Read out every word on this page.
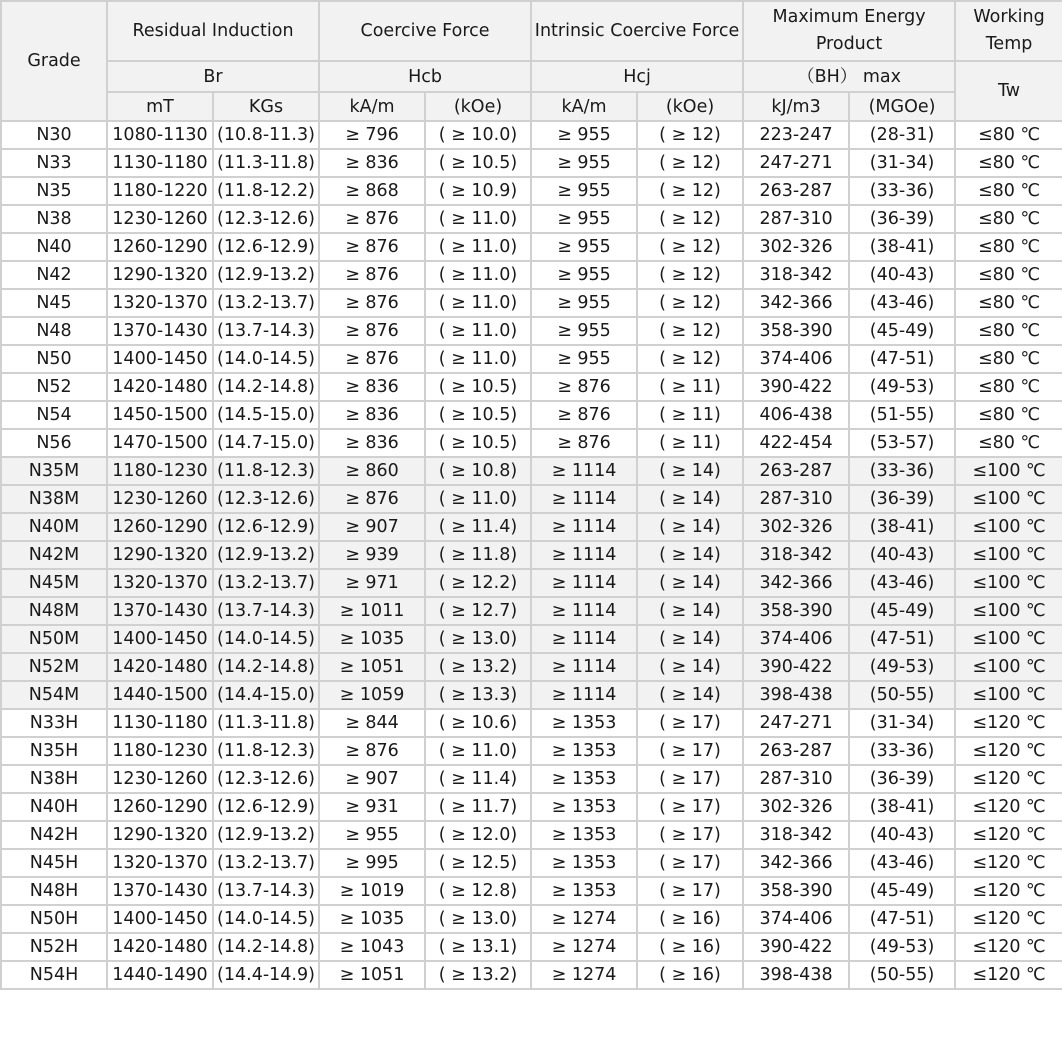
Grade	Residual Induction		Coercive Force		Intrinsic Coercive Force		Maximum Energy Product		Working Temp
	Br		Hcb		Hcj		（BH） max		Tw
	mT	KGs	kA/m	(kOe)	kA/m	(kOe)	kJ/m3	(MGOe)	
N30	1080-1130	(10.8-11.3)	≥ 796	( ≥ 10.0)	≥ 955	( ≥ 12)	223-247	(28-31)	≤80 ℃
N33	1130-1180	(11.3-11.8)	≥ 836	( ≥ 10.5)	≥ 955	( ≥ 12)	247-271	(31-34)	≤80 ℃
N35	1180-1220	(11.8-12.2)	≥ 868	( ≥ 10.9)	≥ 955	( ≥ 12)	263-287	(33-36)	≤80 ℃
N38	1230-1260	(12.3-12.6)	≥ 876	( ≥ 11.0)	≥ 955	( ≥ 12)	287-310	(36-39)	≤80 ℃
N40	1260-1290	(12.6-12.9)	≥ 876	( ≥ 11.0)	≥ 955	( ≥ 12)	302-326	(38-41)	≤80 ℃
N42	1290-1320	(12.9-13.2)	≥ 876	( ≥ 11.0)	≥ 955	( ≥ 12)	318-342	(40-43)	≤80 ℃
N45	1320-1370	(13.2-13.7)	≥ 876	( ≥ 11.0)	≥ 955	( ≥ 12)	342-366	(43-46)	≤80 ℃
N48	1370-1430	(13.7-14.3)	≥ 876	( ≥ 11.0)	≥ 955	( ≥ 12)	358-390	(45-49)	≤80 ℃
N50	1400-1450	(14.0-14.5)	≥ 876	( ≥ 11.0)	≥ 955	( ≥ 12)	374-406	(47-51)	≤80 ℃
N52	1420-1480	(14.2-14.8)	≥ 836	( ≥ 10.5)	≥ 876	( ≥ 11)	390-422	(49-53)	≤80 ℃
N54	1450-1500	(14.5-15.0)	≥ 836	( ≥ 10.5)	≥ 876	( ≥ 11)	406-438	(51-55)	≤80 ℃
N56	1470-1500	(14.7-15.0)	≥ 836	( ≥ 10.5)	≥ 876	( ≥ 11)	422-454	(53-57)	≤80 ℃
N35M	1180-1230	(11.8-12.3)	≥ 860	( ≥ 10.8)	≥ 1114	( ≥ 14)	263-287	(33-36)	≤100 ℃
N38M	1230-1260	(12.3-12.6)	≥ 876	( ≥ 11.0)	≥ 1114	( ≥ 14)	287-310	(36-39)	≤100 ℃
N40M	1260-1290	(12.6-12.9)	≥ 907	( ≥ 11.4)	≥ 1114	( ≥ 14)	302-326	(38-41)	≤100 ℃
N42M	1290-1320	(12.9-13.2)	≥ 939	( ≥ 11.8)	≥ 1114	( ≥ 14)	318-342	(40-43)	≤100 ℃
N45M	1320-1370	(13.2-13.7)	≥ 971	( ≥ 12.2)	≥ 1114	( ≥ 14)	342-366	(43-46)	≤100 ℃
N48M	1370-1430	(13.7-14.3)	≥ 1011	( ≥ 12.7)	≥ 1114	( ≥ 14)	358-390	(45-49)	≤100 ℃
N50M	1400-1450	(14.0-14.5)	≥ 1035	( ≥ 13.0)	≥ 1114	( ≥ 14)	374-406	(47-51)	≤100 ℃
N52M	1420-1480	(14.2-14.8)	≥ 1051	( ≥ 13.2)	≥ 1114	( ≥ 14)	390-422	(49-53)	≤100 ℃
N54M	1440-1500	(14.4-15.0)	≥ 1059	( ≥ 13.3)	≥ 1114	( ≥ 14)	398-438	(50-55)	≤100 ℃
N33H	1130-1180	(11.3-11.8)	≥ 844	( ≥ 10.6)	≥ 1353	( ≥ 17)	247-271	(31-34)	≤120 ℃
N35H	1180-1230	(11.8-12.3)	≥ 876	( ≥ 11.0)	≥ 1353	( ≥ 17)	263-287	(33-36)	≤120 ℃
N38H	1230-1260	(12.3-12.6)	≥ 907	( ≥ 11.4)	≥ 1353	( ≥ 17)	287-310	(36-39)	≤120 ℃
N40H	1260-1290	(12.6-12.9)	≥ 931	( ≥ 11.7)	≥ 1353	( ≥ 17)	302-326	(38-41)	≤120 ℃
N42H	1290-1320	(12.9-13.2)	≥ 955	( ≥ 12.0)	≥ 1353	( ≥ 17)	318-342	(40-43)	≤120 ℃
N45H	1320-1370	(13.2-13.7)	≥ 995	( ≥ 12.5)	≥ 1353	( ≥ 17)	342-366	(43-46)	≤120 ℃
N48H	1370-1430	(13.7-14.3)	≥ 1019	( ≥ 12.8)	≥ 1353	( ≥ 17)	358-390	(45-49)	≤120 ℃
N50H	1400-1450	(14.0-14.5)	≥ 1035	( ≥ 13.0)	≥ 1274	( ≥ 16)	374-406	(47-51)	≤120 ℃
N52H	1420-1480	(14.2-14.8)	≥ 1043	( ≥ 13.1)	≥ 1274	( ≥ 16)	390-422	(49-53)	≤120 ℃
N54H	1440-1490	(14.4-14.9)	≥ 1051	( ≥ 13.2)	≥ 1274	( ≥ 16)	398-438	(50-55)	≤120 ℃
